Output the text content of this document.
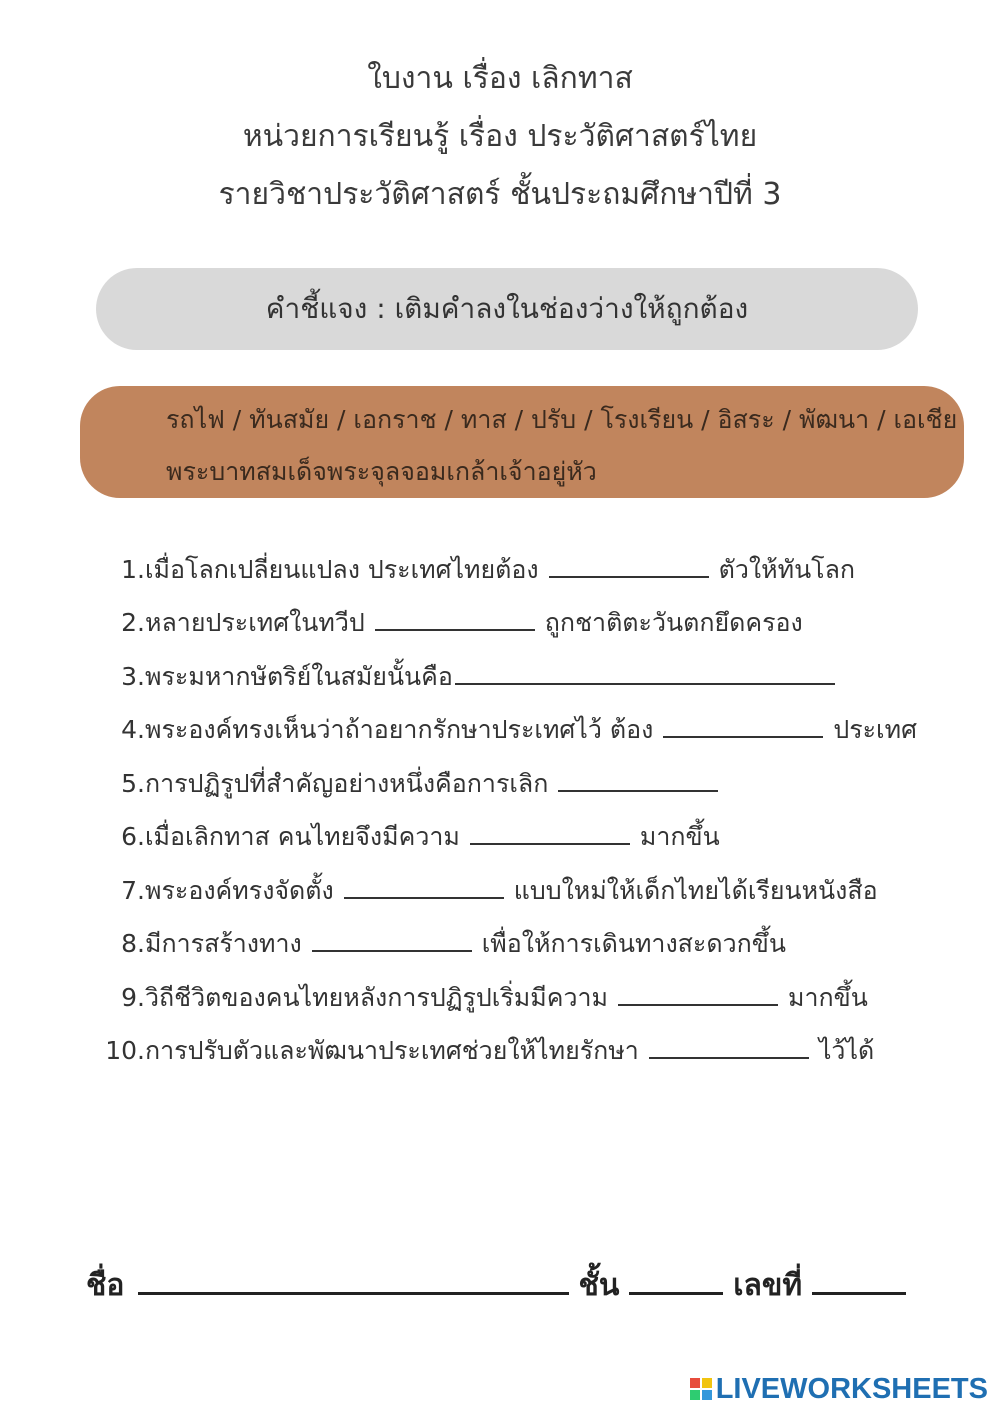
ใบงาน เรื่อง เลิกทาส
หน่วยการเรียนรู้ เรื่อง ประวัติศาสตร์ไทย
รายวิชาประวัติศาสตร์ ชั้นประถมศึกษาปีที่ 3
คำชี้แจง : เติมคำลงในช่องว่างให้ถูกต้อง
รถไฟ / ทันสมัย / เอกราช / ทาส / ปรับ / โรงเรียน / อิสระ / พัฒนา / เอเชีย
พระบาทสมเด็จพระจุลจอมเกล้าเจ้าอยู่หัว
1. เมื่อโลกเปลี่ยนแปลง ประเทศไทยต้อง	ตัวให้ทันโลก
2. หลายประเทศในทวีป	ถูกชาติตะวันตกยึดครอง
3. พระมหากษัตริย์ในสมัยนั้นคือ
4. พระองค์ทรงเห็นว่าถ้าอยากรักษาประเทศไว้ ต้อง	ประเทศ
5. การปฏิรูปที่สำคัญอย่างหนึ่งคือการเลิก
6. เมื่อเลิกทาส คนไทยจึงมีความ	มากขึ้น
7. พระองค์ทรงจัดตั้ง	แบบใหม่ให้เด็กไทยได้เรียนหนังสือ
8. มีการสร้างทาง	เพื่อให้การเดินทางสะดวกขึ้น
9. วิถีชีวิตของคนไทยหลังการปฏิรูปเริ่มมีความ	มากขึ้น
10. การปรับตัวและพัฒนาประเทศช่วยให้ไทยรักษา	ไว้ได้
ชื่อ	ชั้น	เลขที่
LIVEWORKSHEETS
